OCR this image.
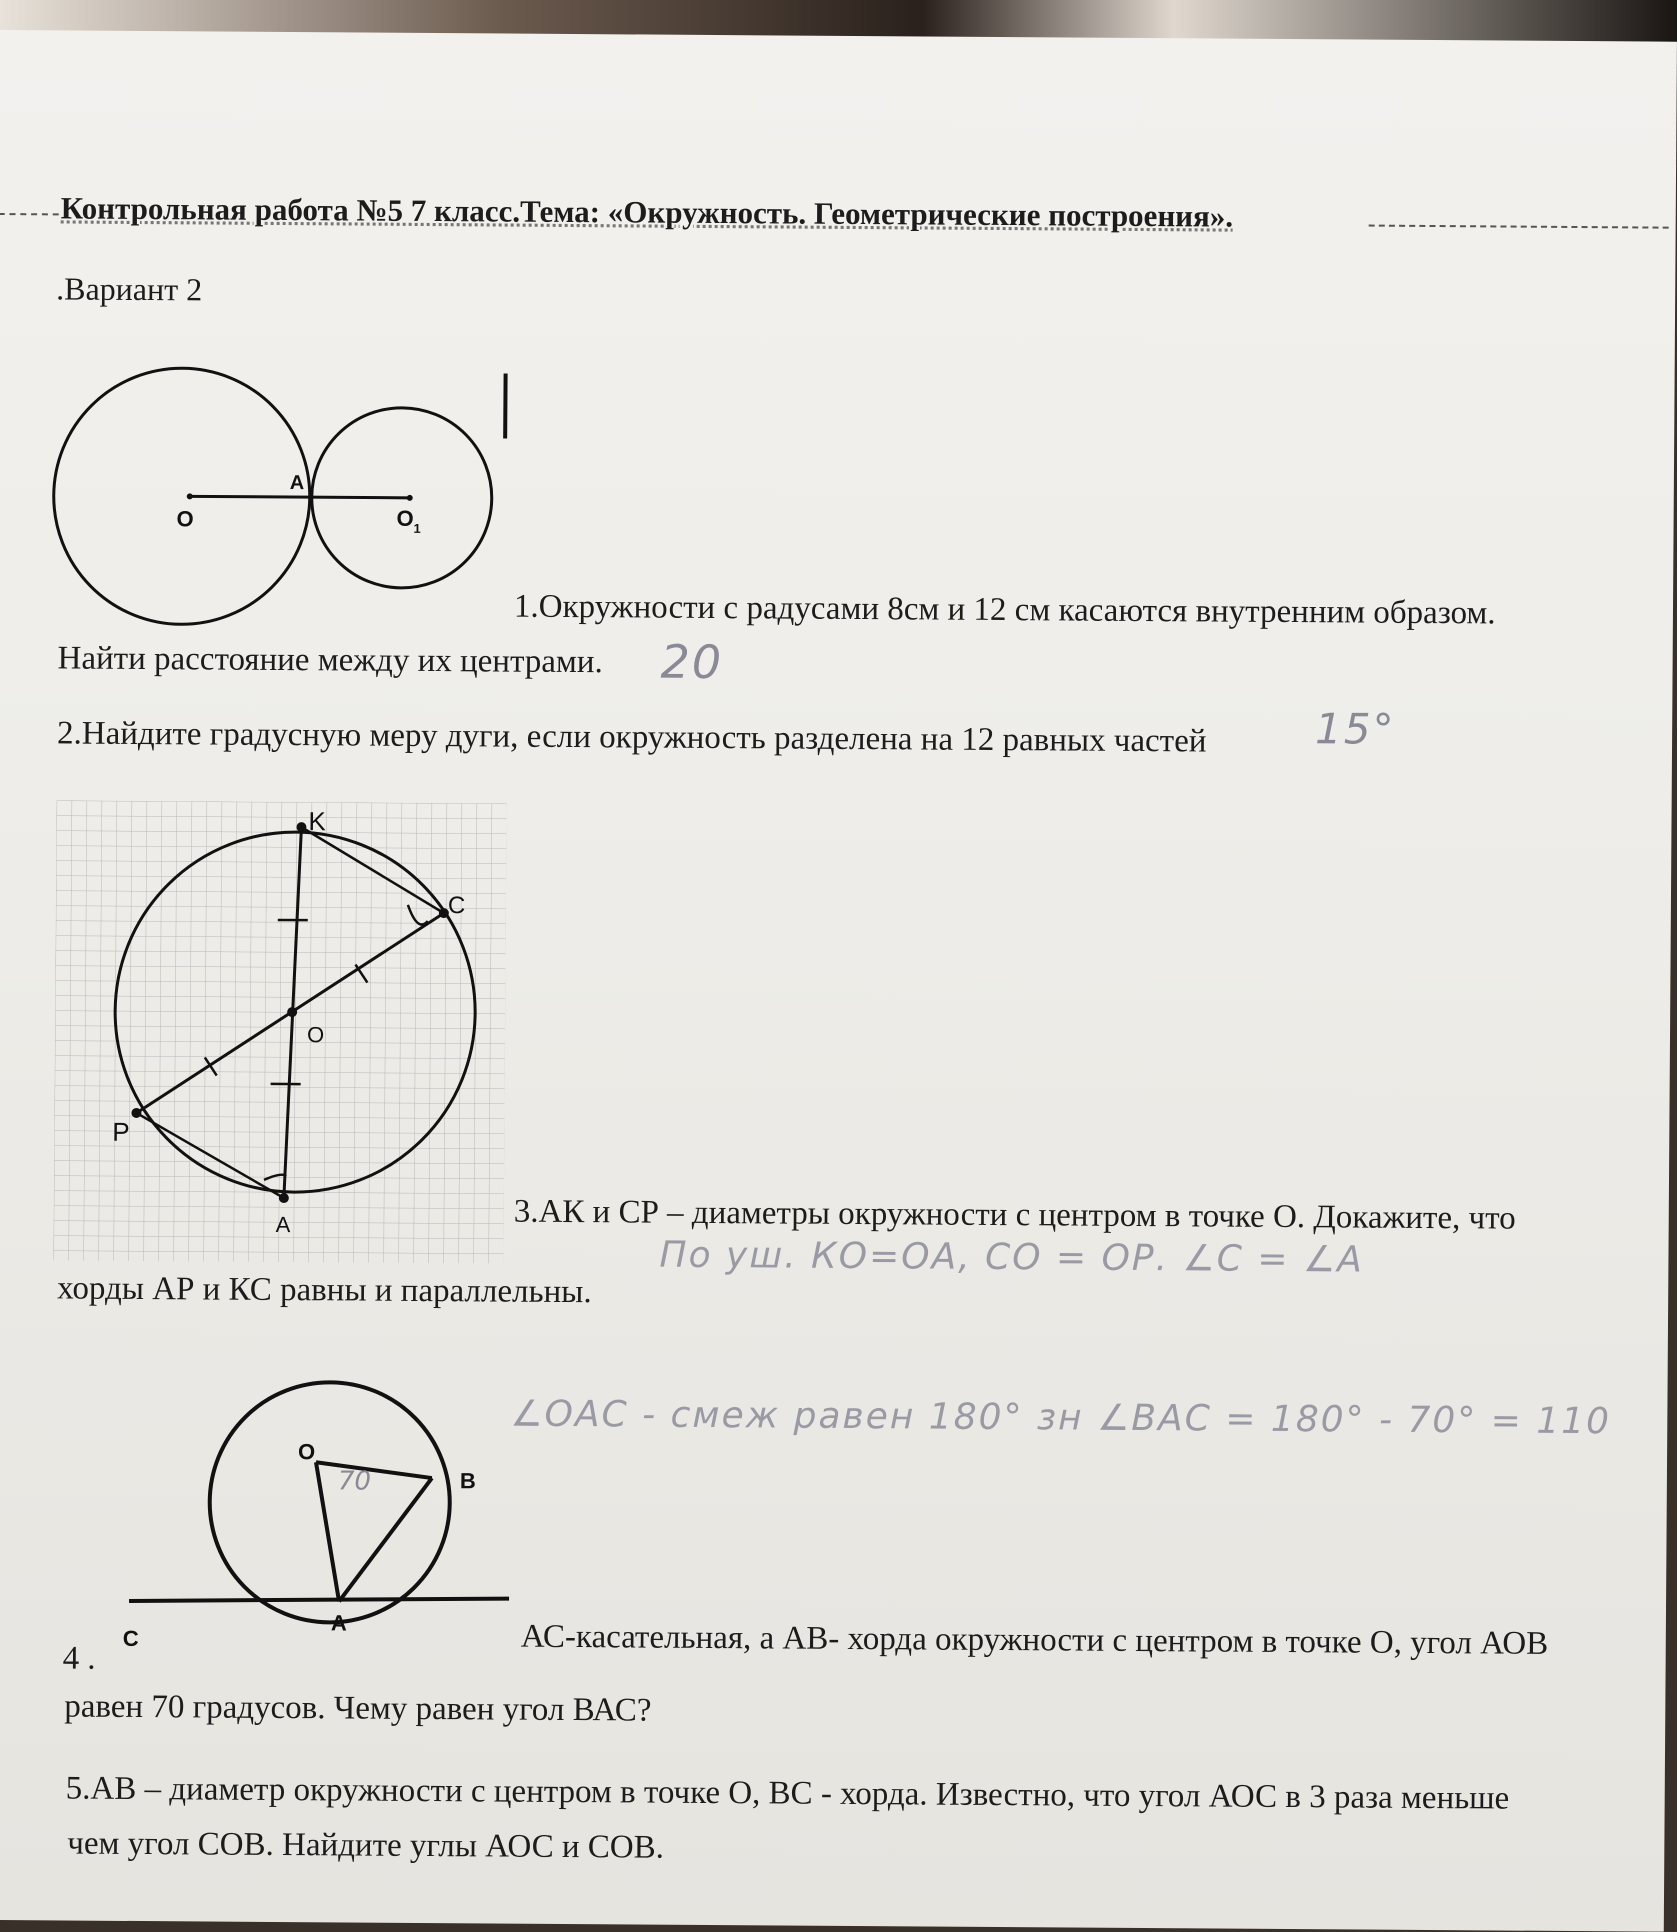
Контрольная работа №5 7 класс.Тема: «Окружность. Геометрические построения».
.Вариант 2
O
A
O 1
1.Окружности с радусами 8см и 12 см касаются внутренним образом.
Найти расстояние между их центрами. 20
2.Найдите градусную меру дуги, если окружность разделена на 12 равных частей	15°
K
C
O
P
A	3.АК и СР – диаметры окружности с центром в точке О. Докажите, что
хорды АР и КС равны и параллельны.
По уш. КО=ОА, СО = ОР. ∠С = ∠А
∠ОАС - смеж равен 180° зн ∠ВАС = 180° - 70° = 110
O
B
A
C
70
4 .	АС-касательная, а АВ- хорда окружности с центром в точке О, угол АОВ
равен 70 градусов. Чему равен угол ВАС?
5.АВ – диаметр окружности с центром в точке О, ВС - хорда. Известно, что угол АОС в 3 раза меньше
чем угол СОВ. Найдите углы АОС и СОВ.
